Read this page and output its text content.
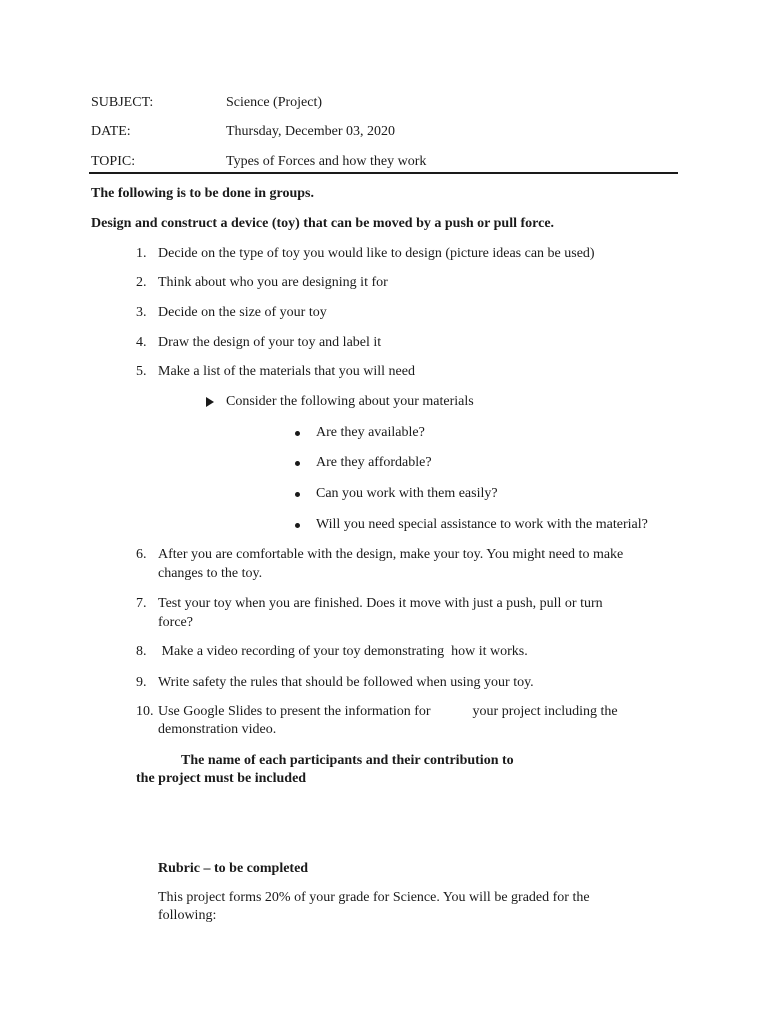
SUBJECT:	Science (Project)
DATE:	Thursday, December 03, 2020
TOPIC:	Types of Forces and how they work
The following is to be done in groups.
Design and construct a device (toy) that can be moved by a push or pull force.
1. Decide on the type of toy you would like to design (picture ideas can be used)
2. Think about who you are designing it for
3. Decide on the size of your toy
4. Draw the design of your toy and label it
5. Make a list of the materials that you will need
Consider the following about your materials
Are they available?
Are they affordable?
Can you work with them easily?
Will you need special assistance to work with the material?
6. After you are comfortable with the design, make your toy. You might need to make
changes to the toy.
7. Test your toy when you are finished. Does it move with just a push, pull or turn
force?
8. Make a video recording of your toy demonstrating  how it works.
9. Write safety the rules that should be followed when using your toy.
10. Use Google Slides to present the information for            your project including the
demonstration video.
The name of each participants and their contribution to
the project must be included
Rubric – to be completed
This project forms 20% of your grade for Science. You will be graded for the
following:
